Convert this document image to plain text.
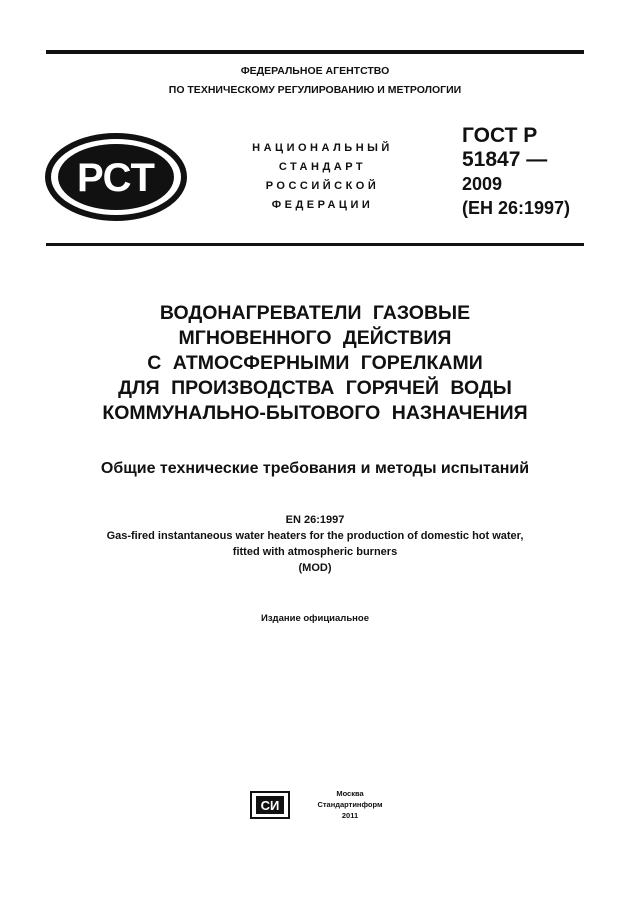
ФЕДЕРАЛЬНОЕ АГЕНТСТВО
ПО ТЕХНИЧЕСКОМУ РЕГУЛИРОВАНИЮ И МЕТРОЛОГИИ
РСТ
НАЦИОНАЛЬНЫЙ
СТАНДАРТ
РОССИЙСКОЙ
ФЕДЕРАЦИИ
ГОСТ Р
51847 —
2009
(ЕН 26:1997)
ВОДОНАГРЕВАТЕЛИ ГАЗОВЫЕ
МГНОВЕННОГО ДЕЙСТВИЯ
С АТМОСФЕРНЫМИ ГОРЕЛКАМИ
ДЛЯ ПРОИЗВОДСТВА ГОРЯЧЕЙ ВОДЫ
КОММУНАЛЬНО-БЫТОВОГО НАЗНАЧЕНИЯ
Общие технические требования и методы испытаний
EN 26:1997
Gas-fired instantaneous water heaters for the production of domestic hot water,
fitted with atmospheric burners
(MOD)
Издание официальное
СИ
Москва
Стандартинформ
2011
